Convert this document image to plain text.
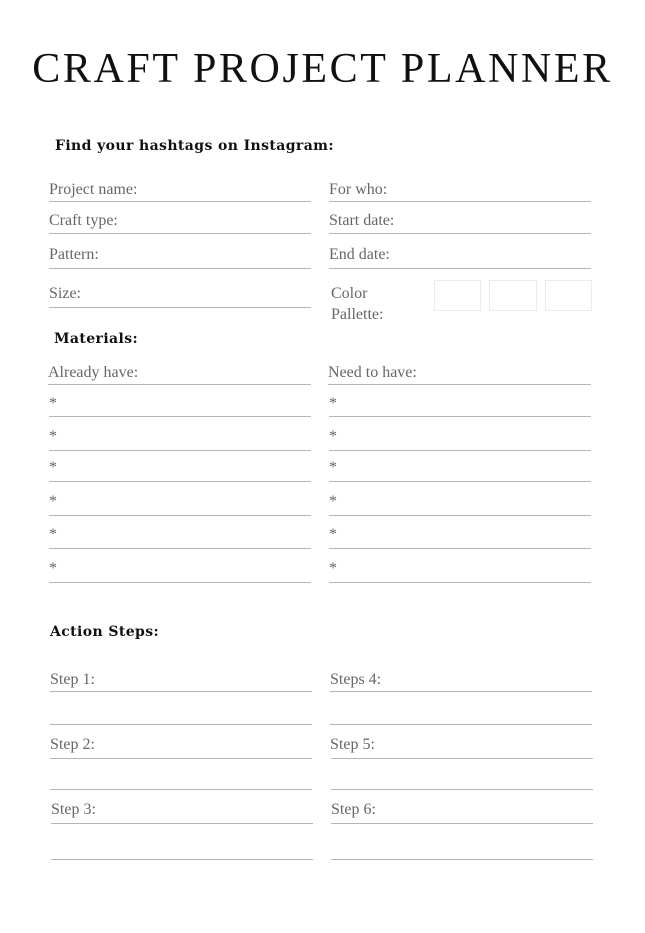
CRAFT PROJECT PLANNER
Find your hashtags on Instagram:
Project name:
Craft type:
Pattern:
Size:
For who:
Start date:
End date:
Color
Pallette:
Materials:
Already have:	Need to have:
*
*
*
*
*
*
*
*
*
*
*
*
Action Steps:
Step 1:
Step 2:
Step 3:
Steps 4:
Step 5:
Step 6:
